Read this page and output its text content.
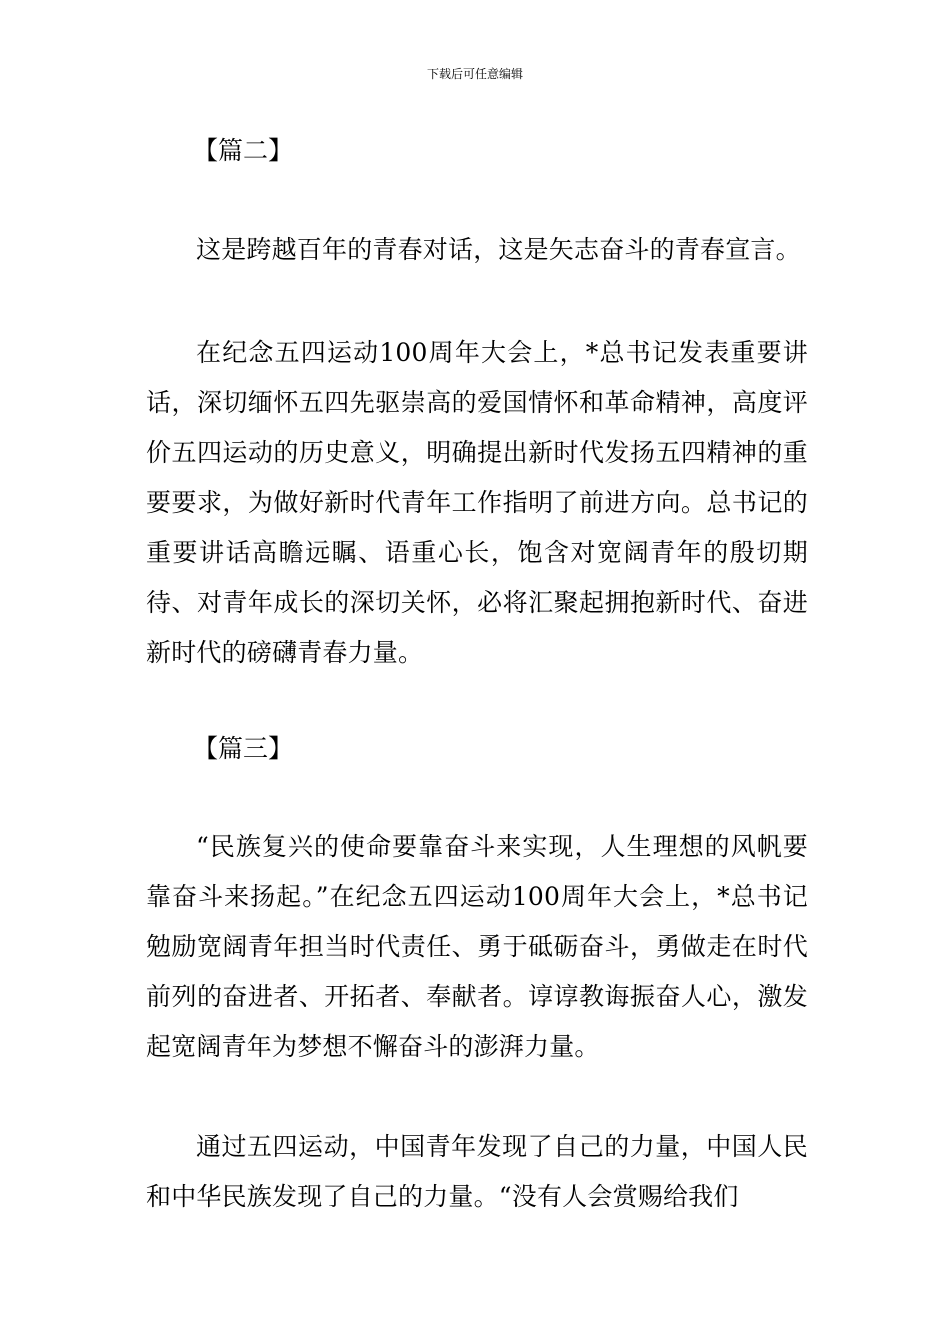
下载后可任意编辑
【篇二】
这是跨越百年的青春对话，这是矢志奋斗的青春宣言。
在纪念五四运动100周年大会上，*总书记发表重要讲话，深切缅怀五四先驱崇高的爱国情怀和革命精神，高度评价五四运动的历史意义，明确提出新时代发扬五四精神的重要要求，为做好新时代青年工作指明了前进方向。总书记的重要讲话高瞻远瞩、语重心长，饱含对宽阔青年的殷切期待、对青年成长的深切关怀，必将汇聚起拥抱新时代、奋进新时代的磅礴青春力量。
【篇三】
“民族复兴的使命要靠奋斗来实现，人生理想的风帆要靠奋斗来扬起。”在纪念五四运动100周年大会上，*总书记勉励宽阔青年担当时代责任、勇于砥砺奋斗，勇做走在时代前列的奋进者、开拓者、奉献者。谆谆教诲振奋人心，激发起宽阔青年为梦想不懈奋斗的澎湃力量。
通过五四运动，中国青年发现了自己的力量，中国人民和中华民族发现了自己的力量。“没有人会赏赐给我们
